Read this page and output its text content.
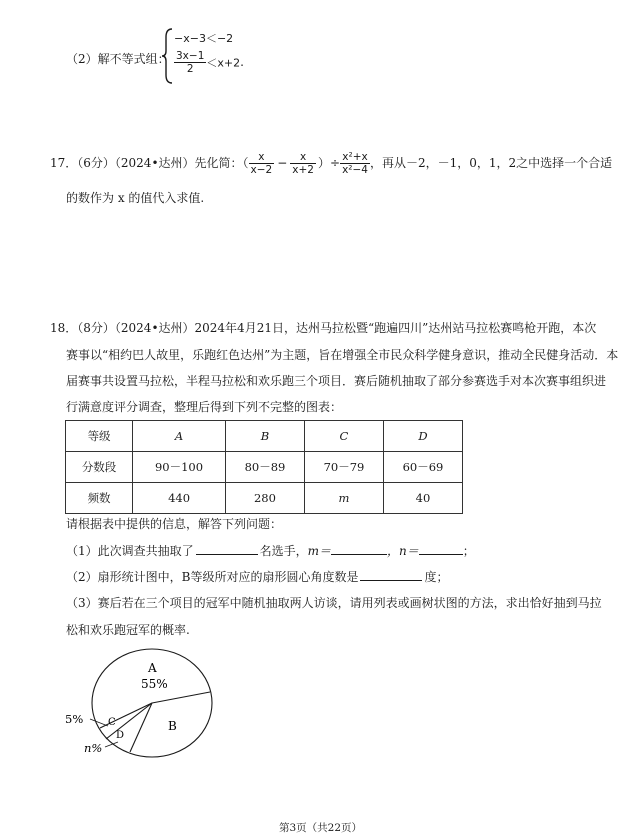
（2）解不等式组：
−x−3＜−2
$\frac{3x-1}{2} <x+2$.
17．（6分）（2024•达州）先化简：（ $\frac{x}{x-2} - \frac{x}{x+2}$ ）÷ $\frac{\text{x²+x}}{\text{x²−4}}$ ，再从－2，－1，0，1，2之中选择一个合适
的数作为 x 的值代入求值.
18．（8分）（2024•达州）2024年4月21日，达州马拉松暨“跑遍四川”达州站马拉松赛鸣枪开跑，本次
赛事以“相约巴人故里，乐跑红色达州”为主题，旨在增强全市民众科学健身意识，推动全民健身活动．本
届赛事共设置马拉松，半程马拉松和欢乐跑三个项目．赛后随机抽取了部分参赛选手对本次赛事组织进
行满意度评分调查，整理后得到下列不完整的图表：
等级	A	B	C	D
分数段	90－100	80－89	70－79	60－69
频数	440	280	m	40
请根据表中提供的信息，解答下列问题：
（1）此次调查共抽取了	名选手，m＝	，n＝	；
（2）扇形统计图中，B等级所对应的扇形圆心角度数是	度；
（3）赛后若在三个项目的冠军中随机抽取两人访谈，请用列表或画树状图的方法，求出恰好抽到马拉
松和欢乐跑冠军的概率.
A
55%
B
C
D
5%
n%
第3页（共22页）
